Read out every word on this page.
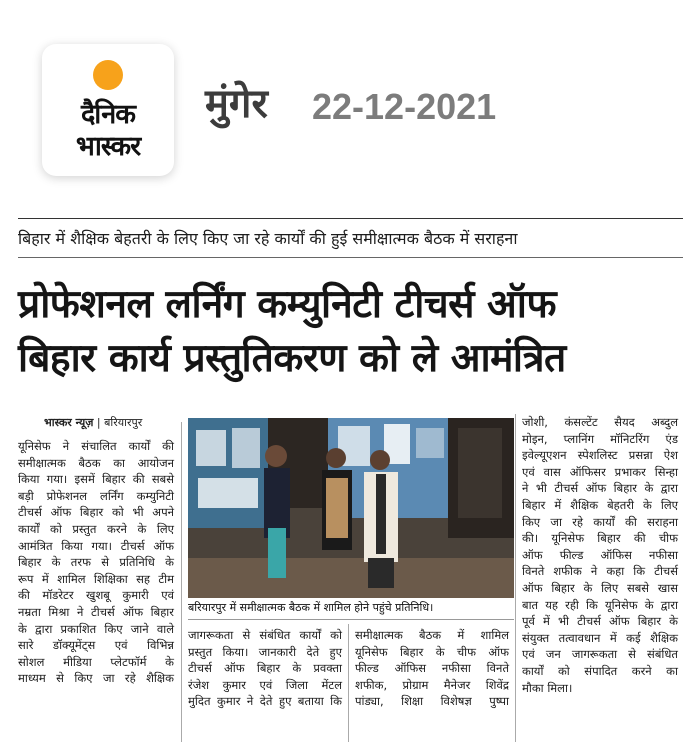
दैनिक
भास्कर
मुंगेर 22-12-2021
बिहार में शैक्षिक बेहतरी के लिए किए जा रहे कार्यों की हुई समीक्षात्मक बैठक में सराहना
प्रोफेशनल लर्निंग कम्युनिटी टीचर्स ऑफ
बिहार कार्य प्रस्तुतिकरण को ले आमंत्रित
भास्कर न्यूज़ | बरियारपुर

यूनिसेफ ने संचालित कार्यों की

समीक्षात्मक बैठक का आयोजन

किया गया। इसमें बिहार की सबसे

बड़ी प्रोफेशनल लर्निंग कम्युनिटी

टीचर्स ऑफ बिहार को भी अपने

कार्यों को प्रस्तुत करने के लिए

आमंत्रित किया गया। टीचर्स ऑफ

बिहार के तरफ से प्रतिनिधि के

रूप में शामिल शिक्षिका सह टीम

की मॉडरेटर खुशबू कुमारी एवं

नम्रता मिश्रा ने टीचर्स ऑफ बिहार

के द्वारा प्रकाशित किए जाने वाले

सारे डॉक्यूमेंट्स एवं विभिन्न

सोशल मीडिया प्लेटफॉर्म के

माध्यम से किए जा रहे शैक्षिक

बरियारपुर में समीक्षात्मक बैठक में शामिल होने पहुंचे प्रतिनिधि।

जागरूकता से संबंधित कार्यों को

प्रस्तुत किया। जानकारी देते हुए

टीचर्स ऑफ बिहार के प्रवक्ता

रंजेश कुमार एवं जिला मेंटल

मुदित कुमार ने देते हुए बताया कि

समीक्षात्मक बैठक में शामिल

यूनिसेफ बिहार के चीफ ऑफ

फील्ड ऑफिस नफीसा विनते

शफीक, प्रोग्राम मैनेजर शिवेंद्र

पांड्या, शिक्षा विशेषज्ञ पुष्पा

जोशी, कंसल्टेंट सैयद अब्दुल

मोइन, प्लानिंग मॉनिटरिंग एंड

इवेल्यूएशन स्पेशलिस्ट प्रसन्ना ऐश

एवं वास ऑफिसर प्रभाकर सिन्हा

ने भी टीचर्स ऑफ बिहार के द्वारा

बिहार में शैक्षिक बेहतरी के लिए

किए जा रहे कार्यों की सराहना

की। यूनिसेफ बिहार की चीफ

ऑफ फील्ड ऑफिस नफीसा

विनते शफीक ने कहा कि टीचर्स

ऑफ बिहार के लिए सबसे खास

बात यह रही कि यूनिसेफ के द्वारा

पूर्व में भी टीचर्स ऑफ बिहार के

संयुक्त तत्वावधान में कई शैक्षिक

एवं जन जागरूकता से संबंधित

कार्यों को संपादित करने का

मौका मिला।
